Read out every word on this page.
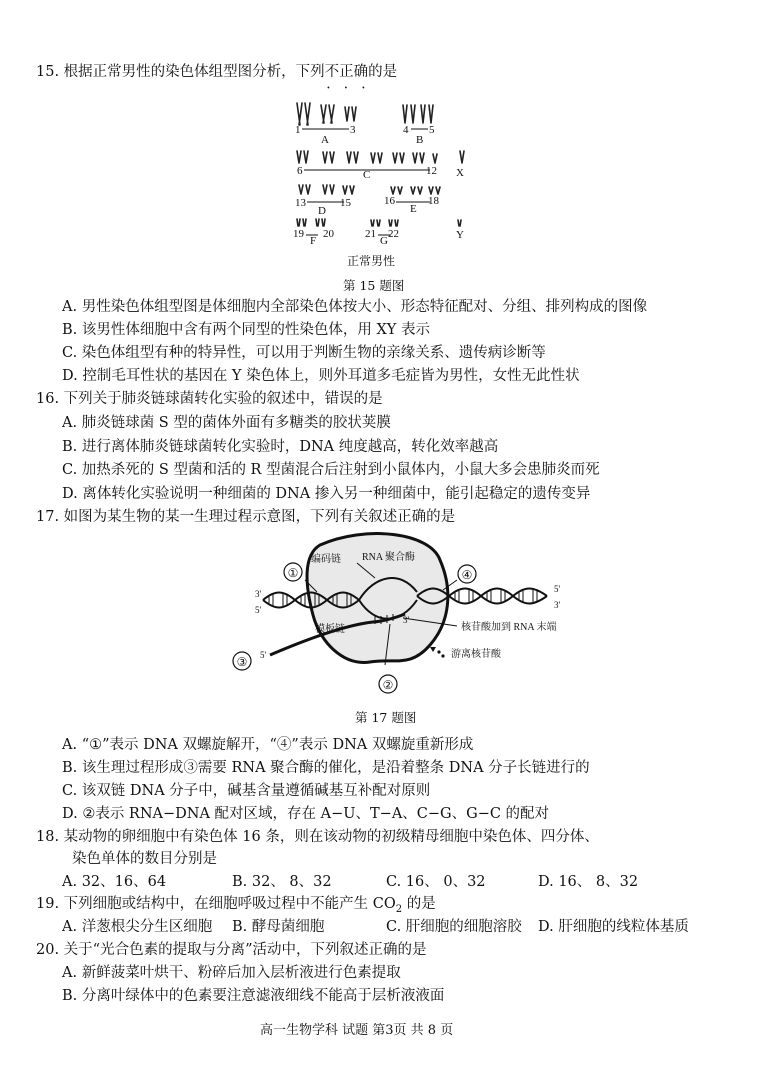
15. 根据正常男性的染色体组型图分析，下列不正确 • • •的是
1	3
A
4 5
B
6	C	12 X
13
D
15	16
E
18
19
F
20	21
G
22	Y
正常男性
第 15 题图
A. 男性染色体组型图是体细胞内全部染色体按大小、形态特征配对、分组、排列构成的图像
B. 该男性体细胞中含有两个同型的性染色体，用 XY 表示
C. 染色体组型有种的特异性，可以用于判断生物的亲缘关系、遗传病诊断等
D. 控制毛耳性状的基因在 Y 染色体上，则外耳道多毛症皆为男性，女性无此性状
16. 下列关于肺炎链球菌转化实验的叙述中，错误的是
A. 肺炎链球菌 S 型的菌体外面有多糖类的胶状荚膜
B. 进行离体肺炎链球菌转化实验时，DNA 纯度越高，转化效率越高
C. 加热杀死的 S 型菌和活的 R 型菌混合后注射到小鼠体内，小鼠大多会患肺炎而死
D. 离体转化实验说明一种细菌的 DNA 掺入另一种细菌中，能引起稳定的遗传变异
17. 如图为某生物的某一生理过程示意图，下列有关叙述正确的是
①	④
③
②
编码链 RNA 聚合酶
模板链	核苷酸加到 RNA 末端
游离核苷酸
3'
5'
5'
3'
5'
3'
第 17 题图
A. “①”表示 DNA 双螺旋解开，“④”表示 DNA 双螺旋重新形成
B. 该生理过程形成③需要 RNA 聚合酶的催化，是沿着整条 DNA 分子长链进行的
C. 该双链 DNA 分子中，碱基含量遵循碱基互补配对原则
D. ②表示 RNA−DNA 配对区域，存在 A−U、T−A、C−G、G−C 的配对
18. 某动物的卵细胞中有染色体 16 条，则在该动物的初级精母细胞中染色体、四分体、
染色单体的数目分别是
A. 32、16、64	B. 32、 8、32	C. 16、 0、32	D. 16、 8、32
19. 下列细胞或结构中，在细胞呼吸过程中不能产生 $CO_2$ 的是
A. 洋葱根尖分生区细胞 B. 酵母菌细胞	C. 肝细胞的细胞溶胶 D. 肝细胞的线粒体基质
20. 关于“光合色素的提取与分离”活动中，下列叙述正确的是
A. 新鲜菠菜叶烘干、粉碎后加入层析液进行色素提取
B. 分离叶绿体中的色素要注意滤液细线不能高于层析液液面
高一生物学科 试题 第3页 共 8 页
